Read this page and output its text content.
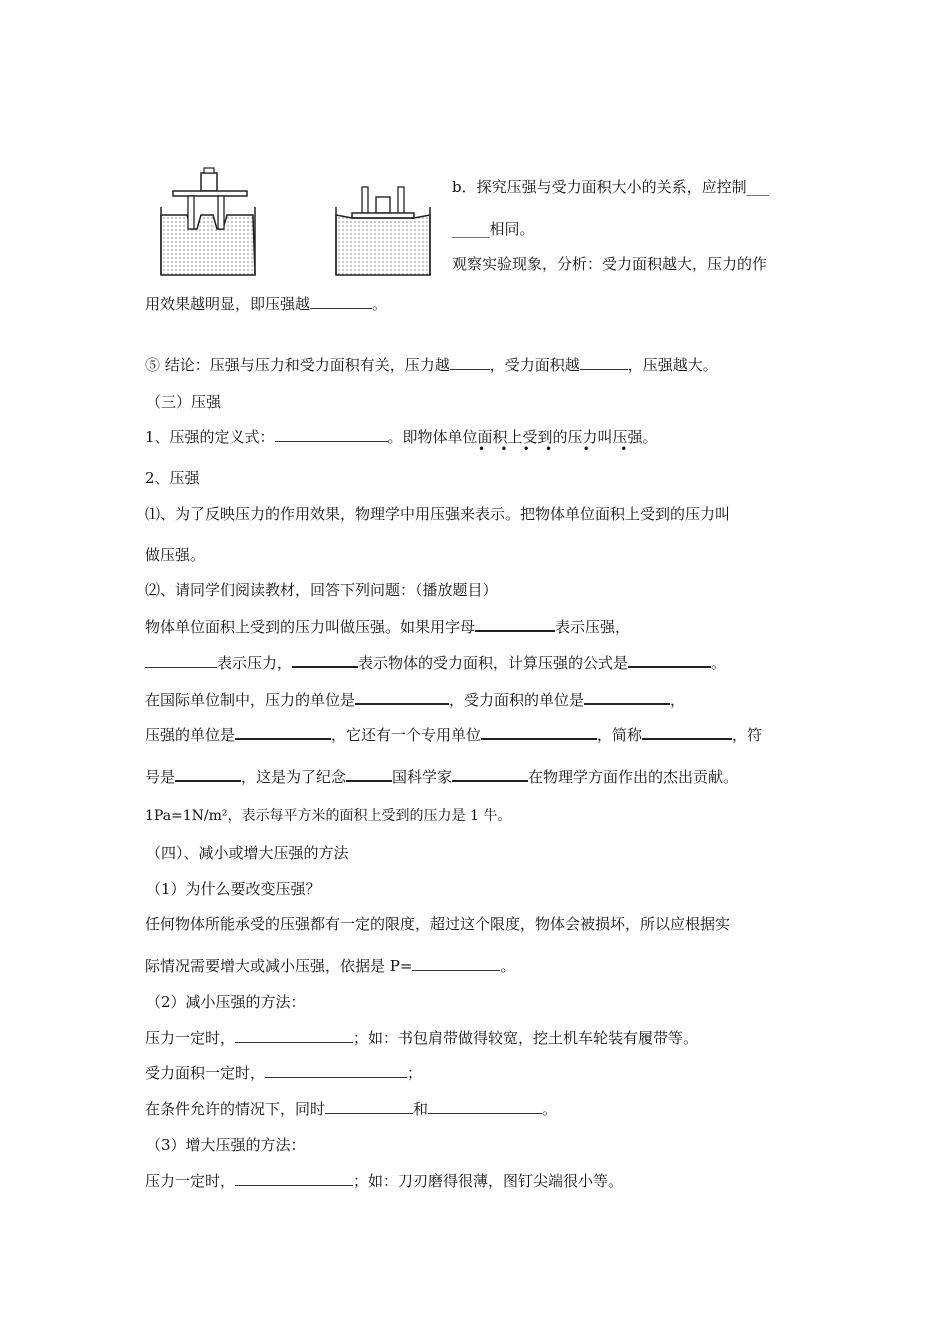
b．探究压强与受力面积大小的关系，应控制___
_____相同。
观察实验现象，分析：受力面积越大，压力的作
用效果越明显，即压强越	。
⑤ 结论：压强与压力和受力面积有关，压力越	，受力面积越	，压强越大。
（三）压强
1、压强的定义式：	。即物体单位面积上受到的压力叫压强。
•    •    •    •        •        •
2、压强
⑴、为了反映压力的作用效果，物理学中用压强来表示。把物体单位面积上受到的压力叫
做压强。
⑵、请同学们阅读教材，回答下列问题：（播放题目）
物体单位面积上受到的压力叫做压强。如果用字母	表示压强，
表示压力，	表示物体的受力面积，计算压强的公式是	。
在国际单位制中，压力的单位是	，受力面积的单位是	，
压强的单位是	，它还有一个专用单位	，简称	，符
号是	，这是为了纪念	国科学家	在物理学方面作出的杰出贡献。
1Pa=1N/m²，表示每平方米的面积上受到的压力是 1 牛。
（四）、减小或增大压强的方法
（1）为什么要改变压强？
任何物体所能承受的压强都有一定的限度，超过这个限度，物体会被损坏，所以应根据实
际情况需要增大或减小压强，依据是 P=	。
（2）减小压强的方法：
压力一定时，	；如：书包肩带做得较宽，挖土机车轮装有履带等。
受力面积一定时，	；
在条件允许的情况下，同时	和	。
（3）增大压强的方法：
压力一定时，	；如：刀刃磨得很薄，图钉尖端很小等。
